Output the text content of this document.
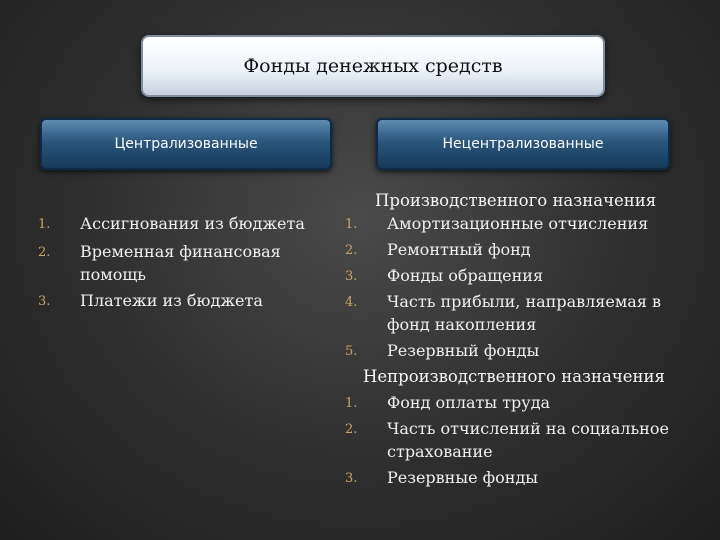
Фонды денежных средств
Централизованные	Нецентрализованные
1. Ассигнования из бюджета
2. Временная финансовая помощь
3. Платежи из бюджета
Производственного назначения
1. Амортизационные отчисления
2. Ремонтный фонд
3. Фонды обращения
4. Часть прибыли, направляемая в фонд накопления
5. Резервный фонды
Непроизводственного назначения
1. Фонд оплаты труда
2. Часть отчислений на социальное страхование
3. Резервные фонды
